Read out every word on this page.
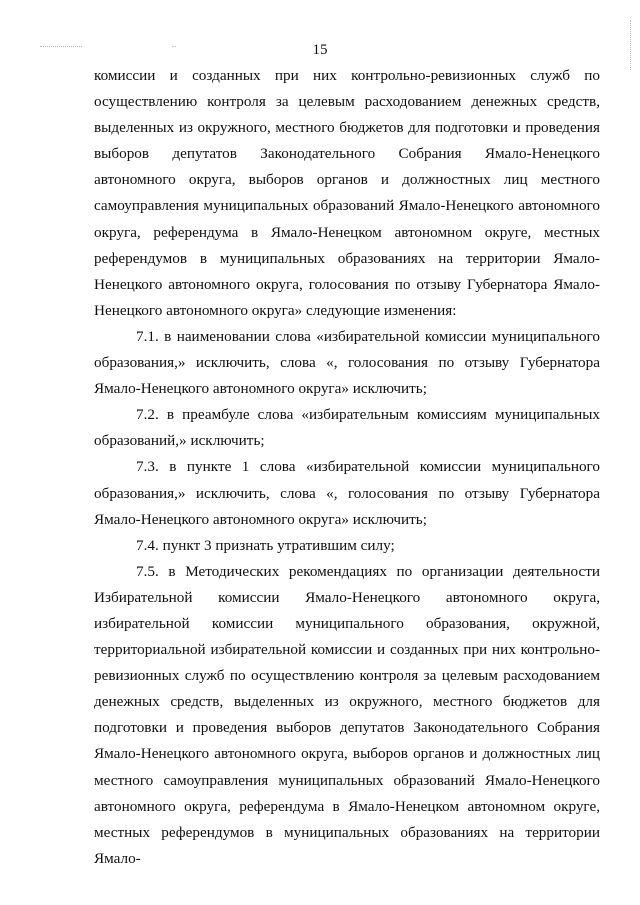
15

комиссии и созданных при них контрольно-ревизионных служб по осуществлению контроля за целевым расходованием денежных средств, выделенных из окружного, местного бюджетов для подготовки и проведения выборов депутатов Законодательного Собрания Ямало-Ненецкого автономного округа, выборов органов и должностных лиц местного самоуправления муниципальных образований Ямало-Ненецкого автономного округа, референдума в Ямало-Ненецком автономном округе, местных референдумов в муниципальных образованиях на территории Ямало-Ненецкого автономного округа, голосования по отзыву Губернатора Ямало-Ненецкого автономного округа» следующие изменения:

7.1. в наименовании слова «избирательной комиссии муниципального образования,» исключить, слова «, голосования по отзыву Губернатора Ямало-Ненецкого автономного округа» исключить;

7.2. в преамбуле слова «избирательным комиссиям муниципальных образований,» исключить;

7.3. в пункте 1 слова «избирательной комиссии муниципального образования,» исключить, слова «, голосования по отзыву Губернатора Ямало-Ненецкого автономного округа» исключить;

7.4. пункт 3 признать утратившим силу;

7.5. в Методических рекомендациях по организации деятельности Избирательной комиссии Ямало-Ненецкого автономного округа, избирательной комиссии муниципального образования, окружной, территориальной избирательной комиссии и созданных при них контрольно-ревизионных служб по осуществлению контроля за целевым расходованием денежных средств, выделенных из окружного, местного бюджетов для подготовки и проведения выборов депутатов Законодательного Собрания Ямало-Ненецкого автономного округа, выборов органов и должностных лиц местного самоуправления муниципальных образований Ямало-Ненецкого автономного округа, референдума в Ямало-Ненецком автономном округе, местных референдумов в муниципальных образованиях на территории Ямало-
